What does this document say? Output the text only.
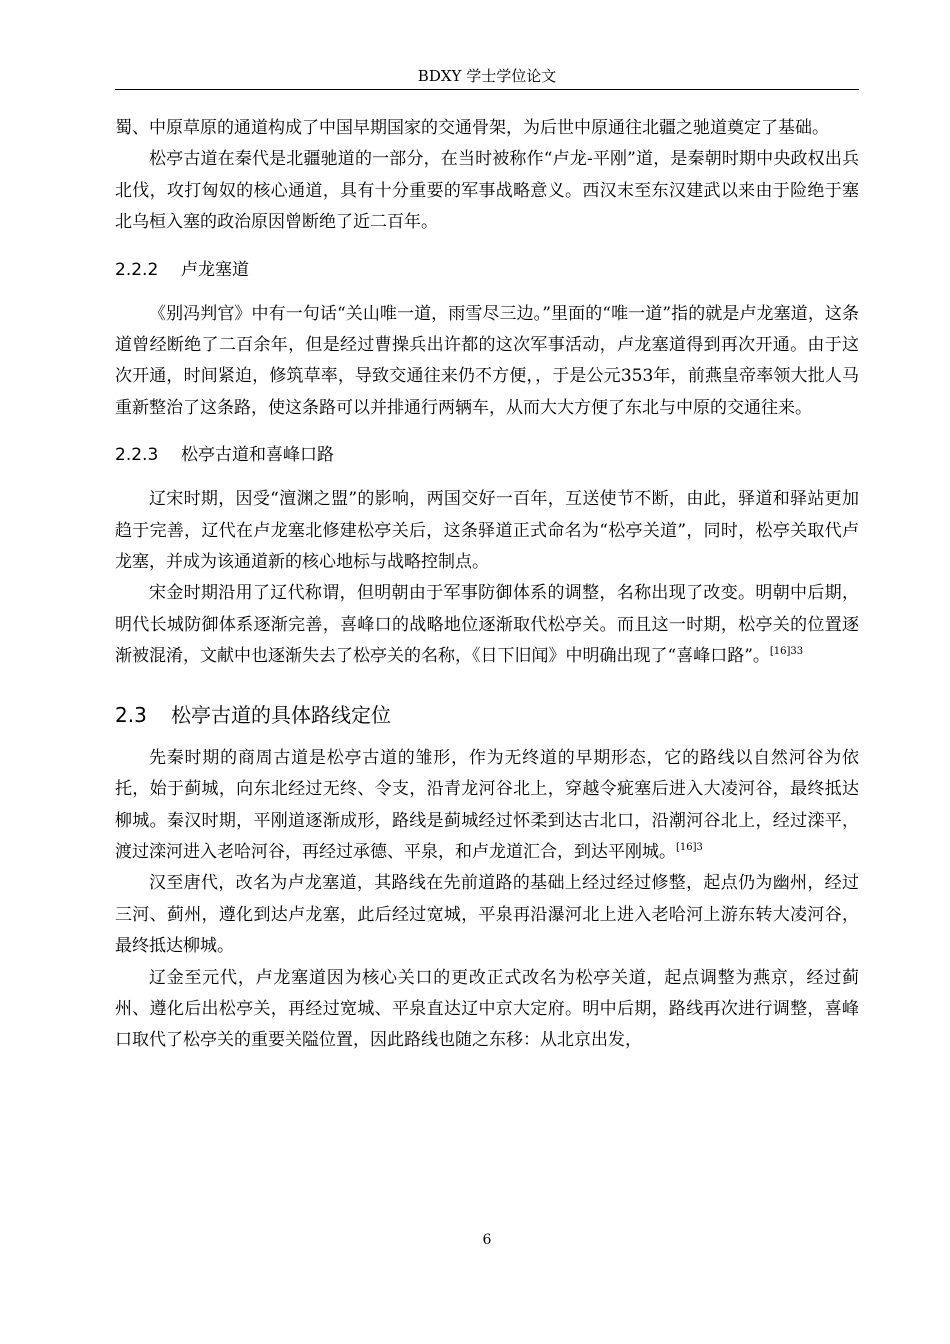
BDXY 学士学位论文

蜀、中原草原的通道构成了中国早期国家的交通骨架，为后世中原通往北疆之驰道奠定了基础。

松亭古道在秦代是北疆驰道的一部分，在当时被称作“卢龙-平刚”道，是秦朝时期中央政权出兵北伐，攻打匈奴的核心通道，具有十分重要的军事战略意义。西汉末至东汉建武以来由于险绝于塞北乌桓入塞的政治原因曾断绝了近二百年。

2.2.2 卢龙塞道

《别冯判官》中有一句话“关山唯一道，雨雪尽三边。”里面的“唯一道”指的就是卢龙塞道，这条道曾经断绝了二百余年，但是经过曹操兵出许都的这次军事活动，卢龙塞道得到再次开通。由于这次开通，时间紧迫，修筑草率，导致交通往来仍不方便，，于是公元353年，前燕皇帝率领大批人马重新整治了这条路，使这条路可以并排通行两辆车，从而大大方便了东北与中原的交通往来。

2.2.3 松亭古道和喜峰口路

辽宋时期，因受“澶渊之盟”的影响，两国交好一百年，互送使节不断，由此，驿道和驿站更加趋于完善，辽代在卢龙塞北修建松亭关后，这条驿道正式命名为“松亭关道”，同时，松亭关取代卢龙塞，并成为该通道新的核心地标与战略控制点。

宋金时期沿用了辽代称谓，但明朝由于军事防御体系的调整，名称出现了改变。明朝中后期，明代长城防御体系逐渐完善，喜峰口的战略地位逐渐取代松亭关。而且这一时期，松亭关的位置逐渐被混淆，文献中也逐渐失去了松亭关的名称，《日下旧闻》中明确出现了“喜峰口路”。$^{[16]33}$

2.3 松亭古道的具体路线定位

先秦时期的商周古道是松亭古道的雏形，作为无终道的早期形态，它的路线以自然河谷为依托，始于蓟城，向东北经过无终、令支，沿青龙河谷北上，穿越令疵塞后进入大凌河谷，最终抵达柳城。秦汉时期，平刚道逐渐成形，路线是蓟城经过怀柔到达古北口，沿潮河谷北上，经过滦平，渡过滦河进入老哈河谷，再经过承德、平泉，和卢龙道汇合，到达平刚城。$^{[16]3}$

汉至唐代，改名为卢龙塞道，其路线在先前道路的基础上经过经过修整，起点仍为幽州，经过三河、蓟州，遵化到达卢龙塞，此后经过宽城，平泉再沿瀑河北上进入老哈河上游东转大凌河谷，最终抵达柳城。

辽金至元代，卢龙塞道因为核心关口的更改正式改名为松亭关道，起点调整为燕京，经过蓟州、遵化后出松亭关，再经过宽城、平泉直达辽中京大定府。明中后期，路线再次进行调整，喜峰口取代了松亭关的重要关隘位置，因此路线也随之东移：从北京出发，

6
